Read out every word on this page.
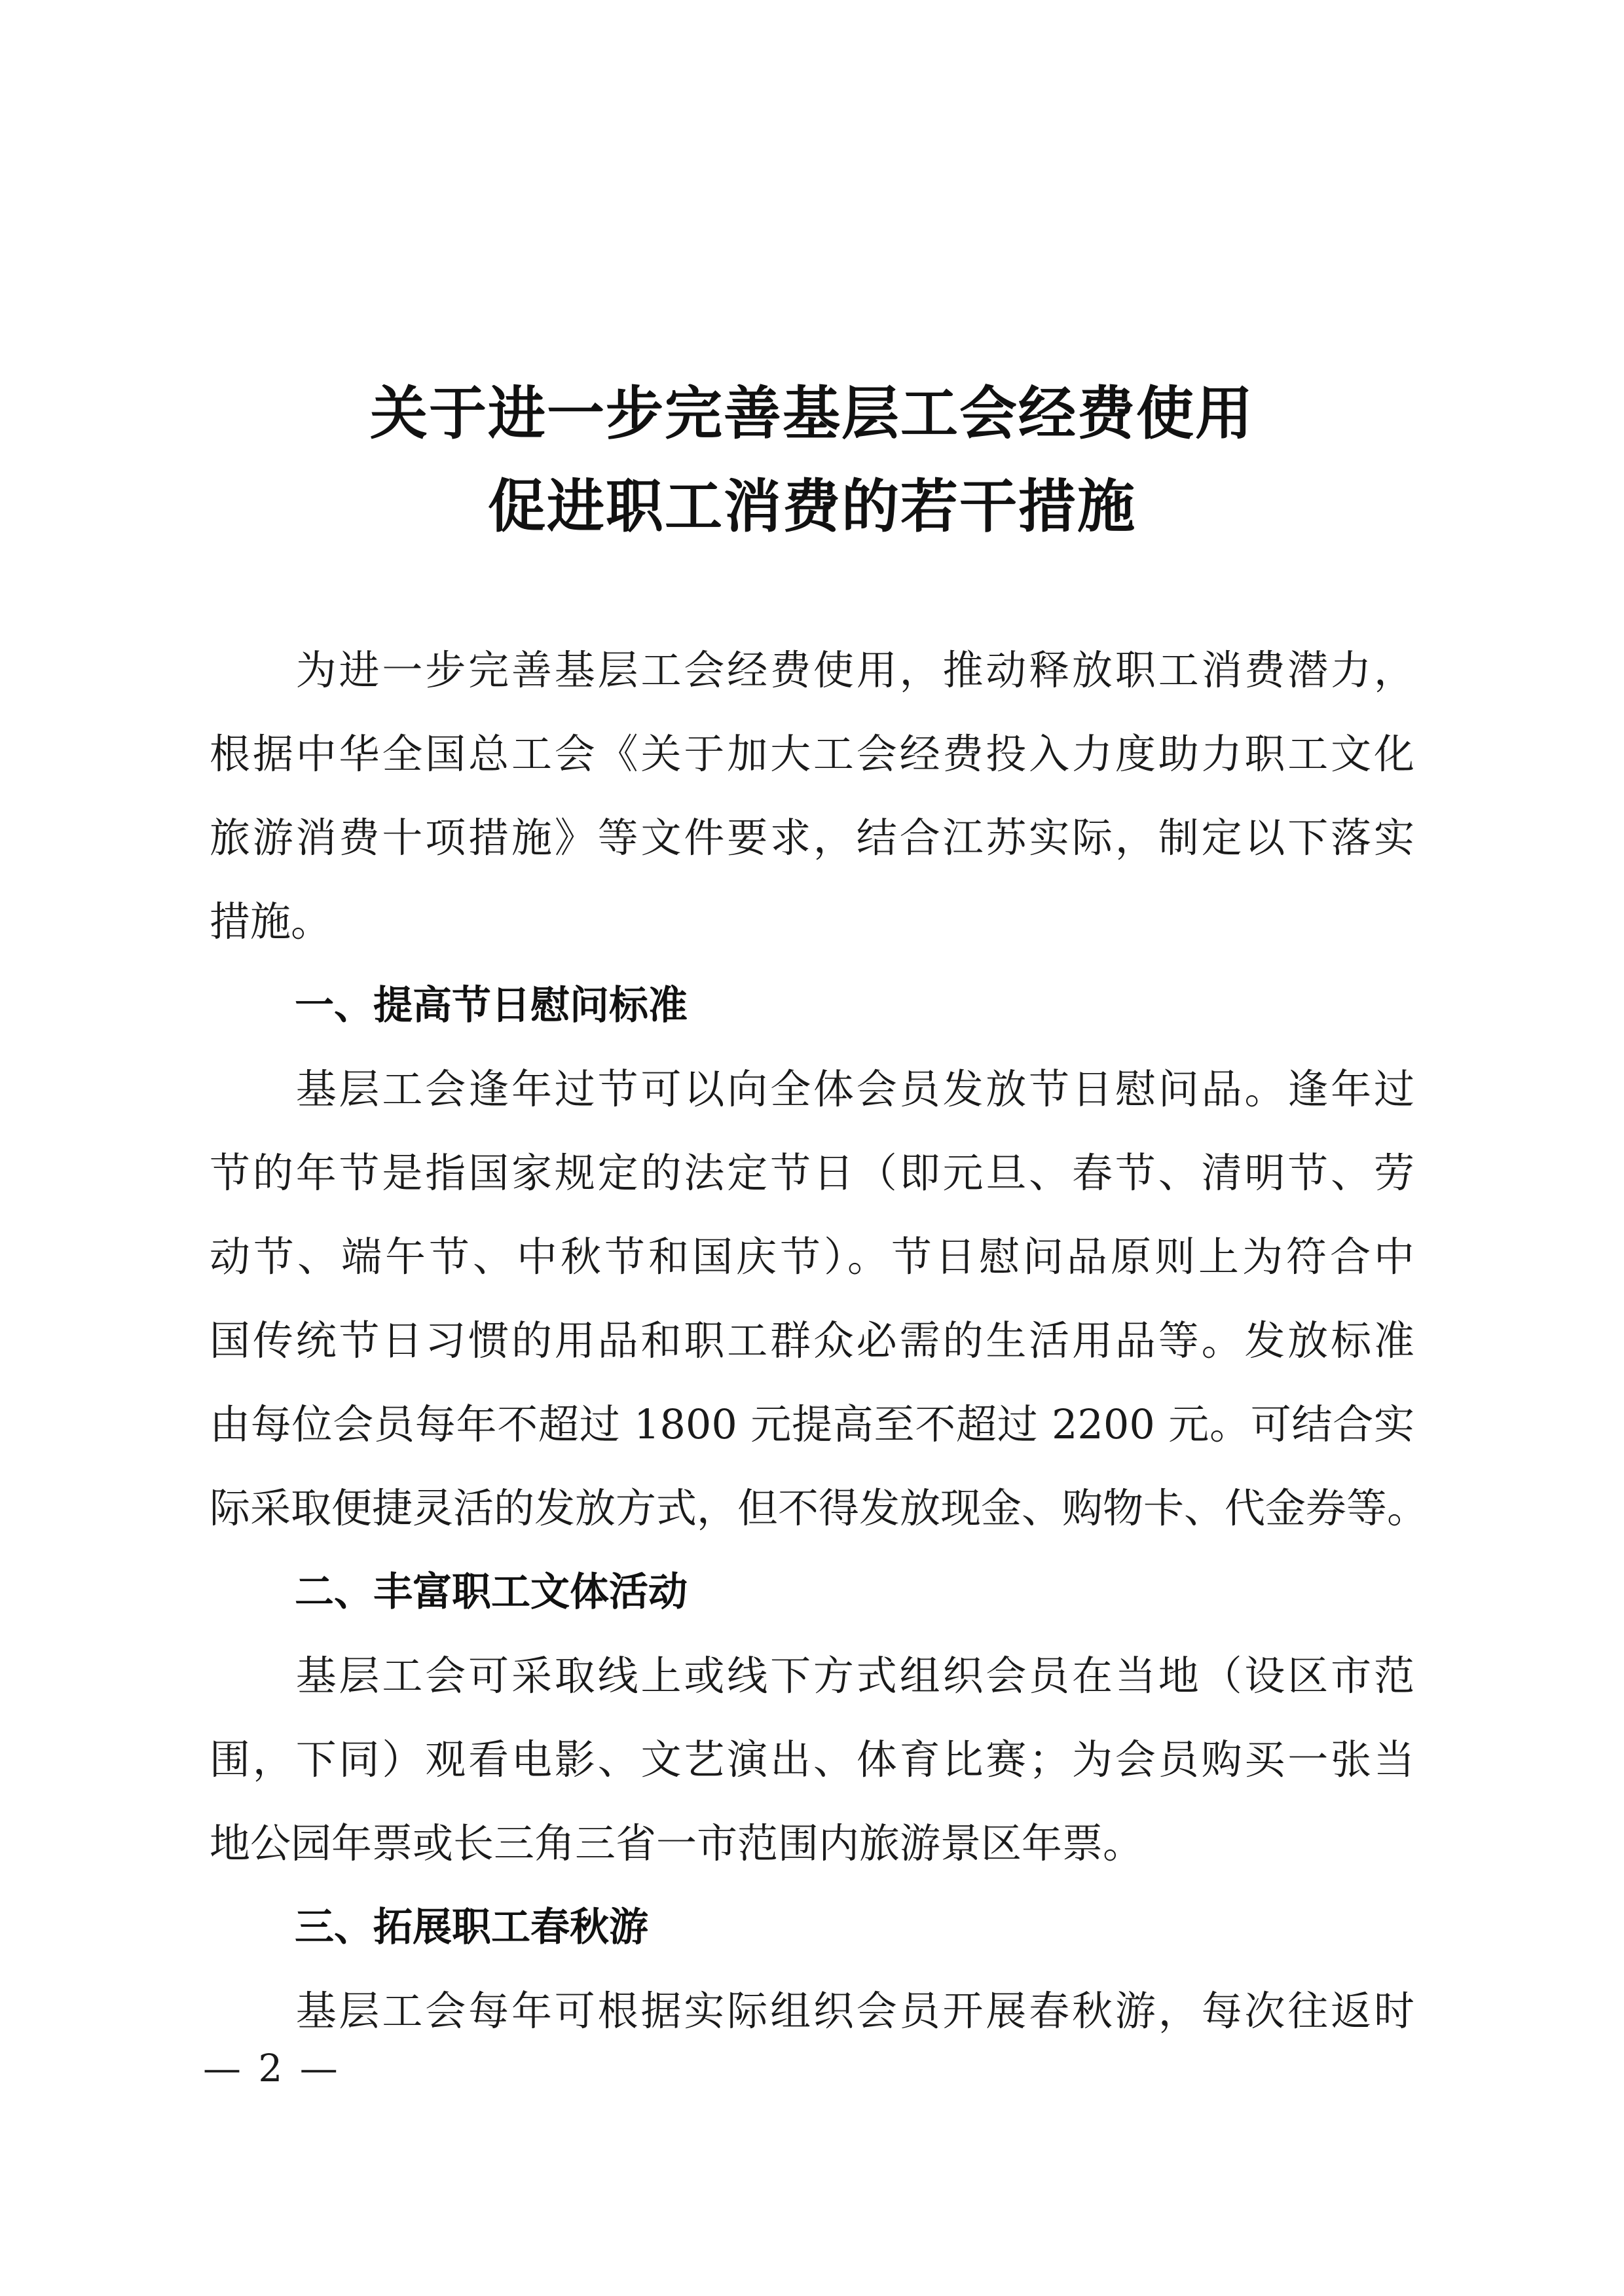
关于进一步完善基层工会经费使用
促进职工消费的若干措施
　　为进一步完善基层工会经费使用，推动释放职工消费潜力，
根据中华全国总工会《关于加大工会经费投入力度助力职工文化
旅游消费十项措施》等文件要求，结合江苏实际，制定以下落实
措施。
一、提高节日慰问标准
　　基层工会逢年过节可以向全体会员发放节日慰问品。逢年过
节的年节是指国家规定的法定节日（即元旦、春节、清明节、劳
动节、端午节、中秋节和国庆节）。节日慰问品原则上为符合中
国传统节日习惯的用品和职工群众必需的生活用品等。发放标准
由每位会员每年不超过 1800 元提高至不超过 2200 元。可结合实
际采取便捷灵活的发放方式，但不得发放现金、购物卡、代金券等。
二、丰富职工文体活动
　　基层工会可采取线上或线下方式组织会员在当地（设区市范
围，下同）观看电影、文艺演出、体育比赛；为会员购买一张当
地公园年票或长三角三省一市范围内旅游景区年票。
三、拓展职工春秋游
　　基层工会每年可根据实际组织会员开展春秋游，每次往返时
— 2 —
